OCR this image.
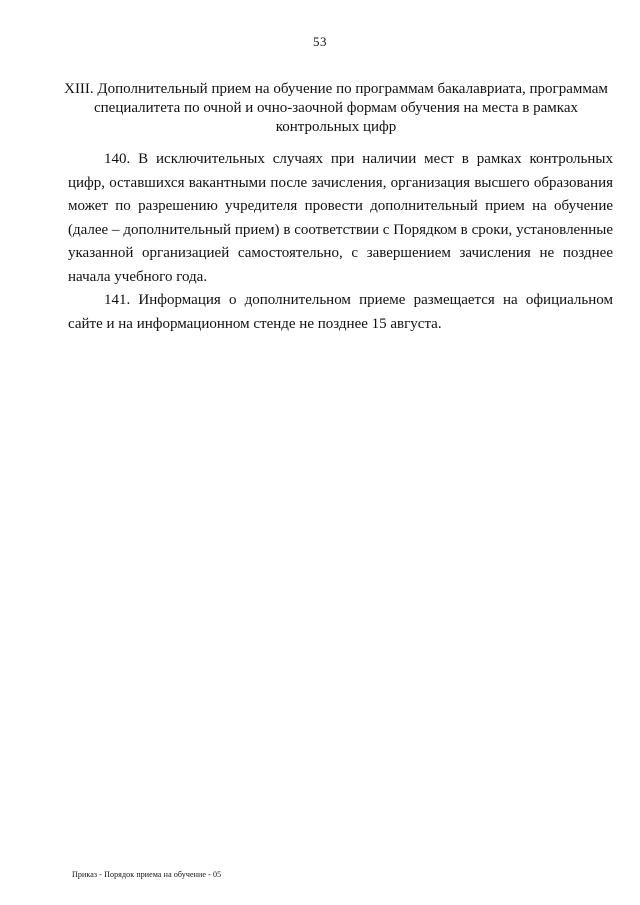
53
XIII. Дополнительный прием на обучение по программам бакалавриата, программам
специалитета по очной и очно-заочной формам обучения на места в рамках
контрольных цифр

140. В исключительных случаях при наличии мест в рамках контрольных
цифр, оставшихся вакантными после зачисления, организация высшего образования
может по разрешению учредителя провести дополнительный прием на обучение
(далее – дополнительный прием) в соответствии с Порядком в сроки, установленные
указанной организацией самостоятельно, с завершением зачисления не позднее
начала учебного года.

141. Информация о дополнительном приеме размещается на официальном
сайте и на информационном стенде не позднее 15 августа.

Приказ - Порядок приема на обучение - 05
